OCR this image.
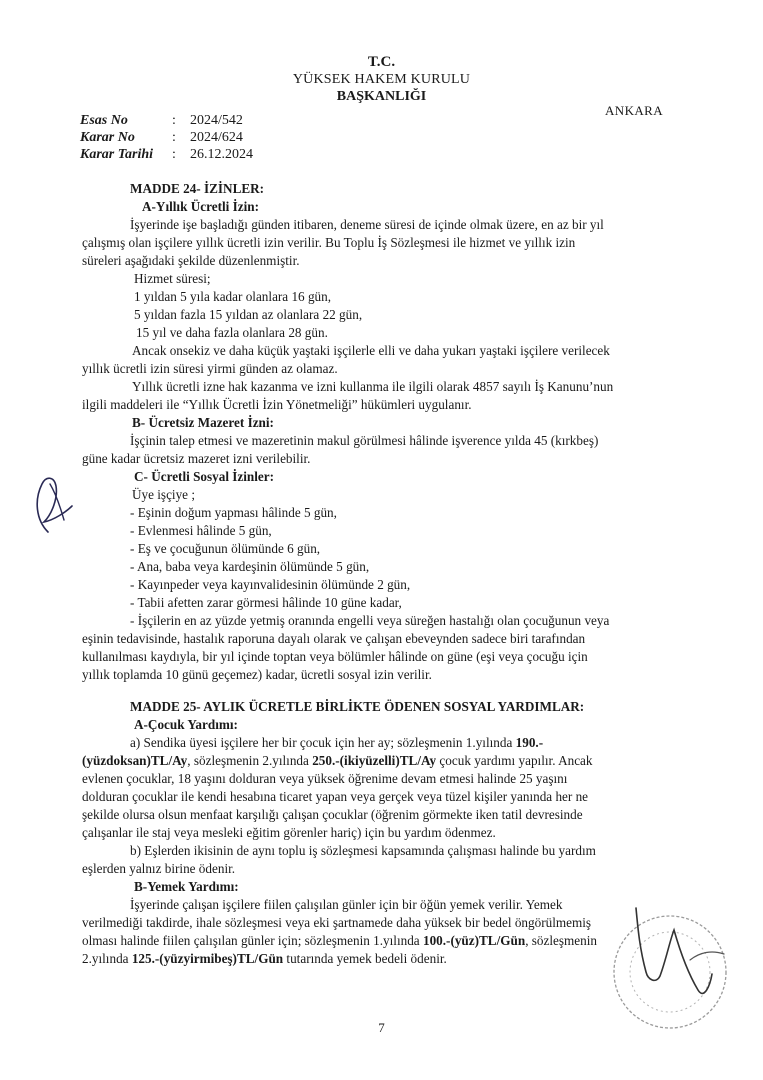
T.C.
YÜKSEK HAKEM KURULU
BAŞKANLIĞI
ANKARA
Esas No	:	2024/542
Karar No	:	2024/624
Karar Tarihi	:	26.12.2024
MADDE 24- İZİNLER:
A-Yıllık Ücretli İzin:
İşyerinde işe başladığı günden itibaren, deneme süresi de içinde olmak üzere, en az bir yıl
çalışmış olan işçilere yıllık ücretli izin verilir. Bu Toplu İş Sözleşmesi ile hizmet ve yıllık izin
süreleri aşağıdaki şekilde düzenlenmiştir.
Hizmet süresi;
1 yıldan 5 yıla kadar olanlara 16 gün,
5 yıldan fazla 15 yıldan az olanlara 22 gün,
15 yıl ve daha fazla olanlara 28 gün.
Ancak onsekiz ve daha küçük yaştaki işçilerle elli ve daha yukarı yaştaki işçilere verilecek
yıllık ücretli izin süresi yirmi günden az olamaz.
Yıllık ücretli izne hak kazanma ve izni kullanma ile ilgili olarak 4857 sayılı İş Kanunu’nun
ilgili maddeleri ile “Yıllık Ücretli İzin Yönetmeliği” hükümleri uygulanır.
B- Ücretsiz Mazeret İzni:
İşçinin talep etmesi ve mazeretinin makul görülmesi hâlinde işverence yılda 45 (kırkbeş)
güne kadar ücretsiz mazeret izni verilebilir.
C- Ücretli Sosyal İzinler:
Üye işçiye ;
- Eşinin doğum yapması hâlinde 5 gün,
- Evlenmesi hâlinde 5 gün,
- Eş ve çocuğunun ölümünde 6 gün,
- Ana, baba veya kardeşinin ölümünde 5 gün,
- Kayınpeder veya kayınvalidesinin ölümünde 2 gün,
- Tabii afetten zarar görmesi hâlinde 10 güne kadar,
- İşçilerin en az yüzde yetmiş oranında engelli veya süreğen hastalığı olan çocuğunun veya
eşinin tedavisinde, hastalık raporuna dayalı olarak ve çalışan ebeveynden sadece biri tarafından
kullanılması kaydıyla, bir yıl içinde toptan veya bölümler hâlinde on güne (eşi veya çocuğu için
yıllık toplamda 10 günü geçemez) kadar, ücretli sosyal izin verilir.
MADDE 25- AYLIK ÜCRETLE BİRLİKTE ÖDENEN SOSYAL YARDIMLAR:
A-Çocuk Yardımı:
a) Sendika üyesi işçilere her bir çocuk için her ay; sözleşmenin 1.yılında 190.-
(yüzdoksan)TL/Ay, sözleşmenin 2.yılında 250.-(ikiyüzelli)TL/Ay çocuk yardımı yapılır. Ancak
evlenen çocuklar, 18 yaşını dolduran veya yüksek öğrenime devam etmesi halinde 25 yaşını
dolduran çocuklar ile kendi hesabına ticaret yapan veya gerçek veya tüzel kişiler yanında her ne
şekilde olursa olsun menfaat karşılığı çalışan çocuklar (öğrenim görmekte iken tatil devresinde
çalışanlar ile staj veya mesleki eğitim görenler hariç) için bu yardım ödenmez.
b) Eşlerden ikisinin de aynı toplu iş sözleşmesi kapsamında çalışması halinde bu yardım
eşlerden yalnız birine ödenir.
B-Yemek Yardımı:
İşyerinde çalışan işçilere fiilen çalışılan günler için bir öğün yemek verilir. Yemek
verilmediği takdirde, ihale sözleşmesi veya eki şartnamede daha yüksek bir bedel öngörülmemiş
olması halinde fiilen çalışılan günler için; sözleşmenin 1.yılında 100.-(yüz)TL/Gün, sözleşmenin
2.yılında 125.-(yüzyirmibeş)TL/Gün tutarında yemek bedeli ödenir.
7
